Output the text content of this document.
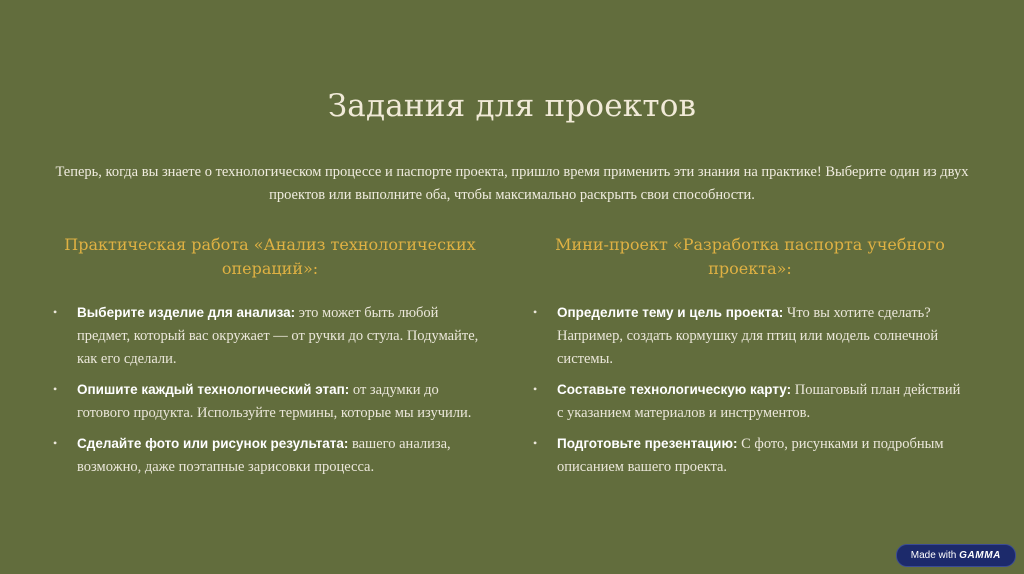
Задания для проектов
Теперь, когда вы знаете о технологическом процессе и паспорте проекта, пришло время применить эти знания на практике! Выберите один из двух проектов или выполните оба, чтобы максимально раскрыть свои способности.
Практическая работа «Анализ технологических операций»:
• Выберите изделие для анализа: это может быть любой предмет, который вас окружает — от ручки до стула. Подумайте, как его сделали.
• Опишите каждый технологический этап: от задумки до готового продукта. Используйте термины, которые мы изучили.
• Сделайте фото или рисунок результата: вашего анализа, возможно, даже поэтапные зарисовки процесса.
Мини-проект «Разработка паспорта учебного проекта»:
• Определите тему и цель проекта: Что вы хотите сделать? Например, создать кормушку для птиц или модель солнечной системы.
• Составьте технологическую карту: Пошаговый план действий с указанием материалов и инструментов.
• Подготовьте презентацию: С фото, рисунками и подробным описанием вашего проекта.
Made with GAMMA
